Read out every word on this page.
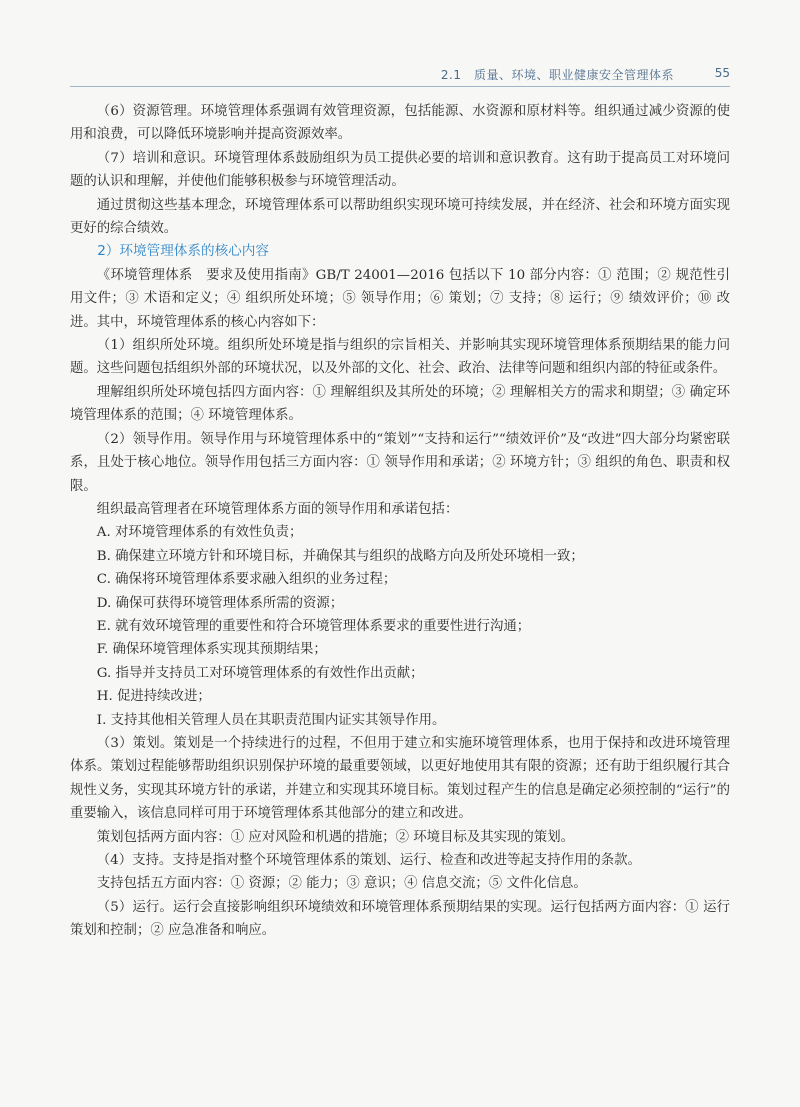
2.1　质量、环境、职业健康安全管理体系	55

（6）资源管理。环境管理体系强调有效管理资源，包括能源、水资源和原材料等。组织通过减少资源的使用和浪费，可以降低环境影响并提高资源效率。

（7）培训和意识。环境管理体系鼓励组织为员工提供必要的培训和意识教育。这有助于提高员工对环境问题的认识和理解，并使他们能够积极参与环境管理活动。

通过贯彻这些基本理念，环境管理体系可以帮助组织实现环境可持续发展，并在经济、社会和环境方面实现更好的综合绩效。

2）环境管理体系的核心内容

《环境管理体系　要求及使用指南》GB/T 24001—2016 包括以下 10 部分内容：① 范围；② 规范性引用文件；③ 术语和定义；④ 组织所处环境；⑤ 领导作用；⑥ 策划；⑦ 支持；⑧ 运行；⑨ 绩效评价；⑩ 改进。其中，环境管理体系的核心内容如下：

（1）组织所处环境。组织所处环境是指与组织的宗旨相关、并影响其实现环境管理体系预期结果的能力问题。这些问题包括组织外部的环境状况，以及外部的文化、社会、政治、法律等问题和组织内部的特征或条件。

理解组织所处环境包括四方面内容：① 理解组织及其所处的环境；② 理解相关方的需求和期望；③ 确定环境管理体系的范围；④ 环境管理体系。

（2）领导作用。领导作用与环境管理体系中的“策划”“支持和运行”“绩效评价”及“改进”四大部分均紧密联系，且处于核心地位。领导作用包括三方面内容：① 领导作用和承诺；② 环境方针；③ 组织的角色、职责和权限。

组织最高管理者在环境管理体系方面的领导作用和承诺包括：

A. 对环境管理体系的有效性负责；

B. 确保建立环境方针和环境目标，并确保其与组织的战略方向及所处环境相一致；

C. 确保将环境管理体系要求融入组织的业务过程；

D. 确保可获得环境管理体系所需的资源；

E. 就有效环境管理的重要性和符合环境管理体系要求的重要性进行沟通；

F. 确保环境管理体系实现其预期结果；

G. 指导并支持员工对环境管理体系的有效性作出贡献；

H. 促进持续改进；

I. 支持其他相关管理人员在其职责范围内证实其领导作用。

（3）策划。策划是一个持续进行的过程，不但用于建立和实施环境管理体系，也用于保持和改进环境管理体系。策划过程能够帮助组织识别保护环境的最重要领域，以更好地使用其有限的资源；还有助于组织履行其合规性义务，实现其环境方针的承诺，并建立和实现其环境目标。策划过程产生的信息是确定必须控制的“运行”的重要输入，该信息同样可用于环境管理体系其他部分的建立和改进。

策划包括两方面内容：① 应对风险和机遇的措施；② 环境目标及其实现的策划。

（4）支持。支持是指对整个环境管理体系的策划、运行、检查和改进等起支持作用的条款。

支持包括五方面内容：① 资源；② 能力；③ 意识；④ 信息交流；⑤ 文件化信息。

（5）运行。运行会直接影响组织环境绩效和环境管理体系预期结果的实现。运行包括两方面内容：① 运行策划和控制；② 应急准备和响应。
